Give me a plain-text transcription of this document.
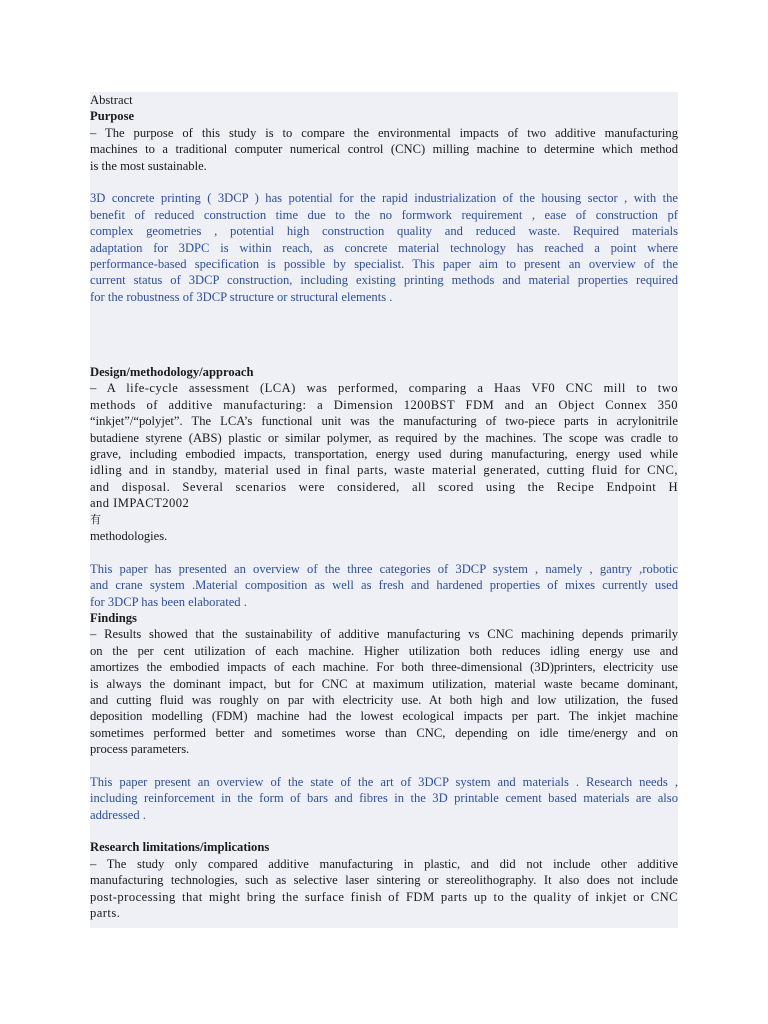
Abstract
Purpose
– The purpose of this study is to compare the environmental impacts of two additive manufacturing
machines to a traditional computer numerical control (CNC) milling machine to determine which method
is the most sustainable.
3D concrete printing ( 3DCP ) has potential for the rapid industrialization of the housing sector , with the
benefit of reduced construction time due to the no formwork requirement , ease of construction pf
complex geometries , potential high construction quality and reduced waste. Required materials
adaptation for 3DPC is within reach, as concrete material technology has reached a point where
performance-based specification is possible by specialist. This paper aim to present an overview of the
current status of 3DCP construction, including existing printing methods and material properties required
for the robustness of 3DCP structure or structural elements .
Design/methodology/approach
– A life-cycle assessment (LCA) was performed, comparing a Haas VF0 CNC mill to two
methods of additive manufacturing: a Dimension 1200BST FDM and an Object Connex 350
“inkjet”/“polyjet”. The LCA’s functional unit was the manufacturing of two-piece parts in acrylonitrile
butadiene styrene (ABS) plastic or similar polymer, as required by the machines. The scope was cradle to
grave, including embodied impacts, transportation, energy used during manufacturing, energy used while
idling and in standby, material used in final parts, waste material generated, cutting fluid for CNC,
and disposal. Several scenarios were considered, all scored using the Recipe Endpoint H
and IMPACT2002
有
methodologies.
This paper has presented an overview of the three categories of 3DCP system , namely , gantry ,robotic
and crane system .Material composition as well as fresh and hardened properties of mixes currently used
for 3DCP has been elaborated .
Findings
– Results showed that the sustainability of additive manufacturing vs CNC machining depends primarily
on the per cent utilization of each machine. Higher utilization both reduces idling energy use and
amortizes the embodied impacts of each machine. For both three-dimensional (3D)printers, electricity use
is always the dominant impact, but for CNC at maximum utilization, material waste became dominant,
and cutting fluid was roughly on par with electricity use. At both high and low utilization, the fused
deposition modelling (FDM) machine had the lowest ecological impacts per part. The inkjet machine
sometimes performed better and sometimes worse than CNC, depending on idle time/energy and on
process parameters.
This paper present an overview of the state of the art of 3DCP system and materials . Research needs ,
including reinforcement in the form of bars and fibres in the 3D printable cement based materials are also
addressed .
Research limitations/implications
– The study only compared additive manufacturing in plastic, and did not include other additive
manufacturing technologies, such as selective laser sintering or stereolithography. It also does not include
post-processing that might bring the surface finish of FDM parts up to the quality of inkjet or CNC
parts.
